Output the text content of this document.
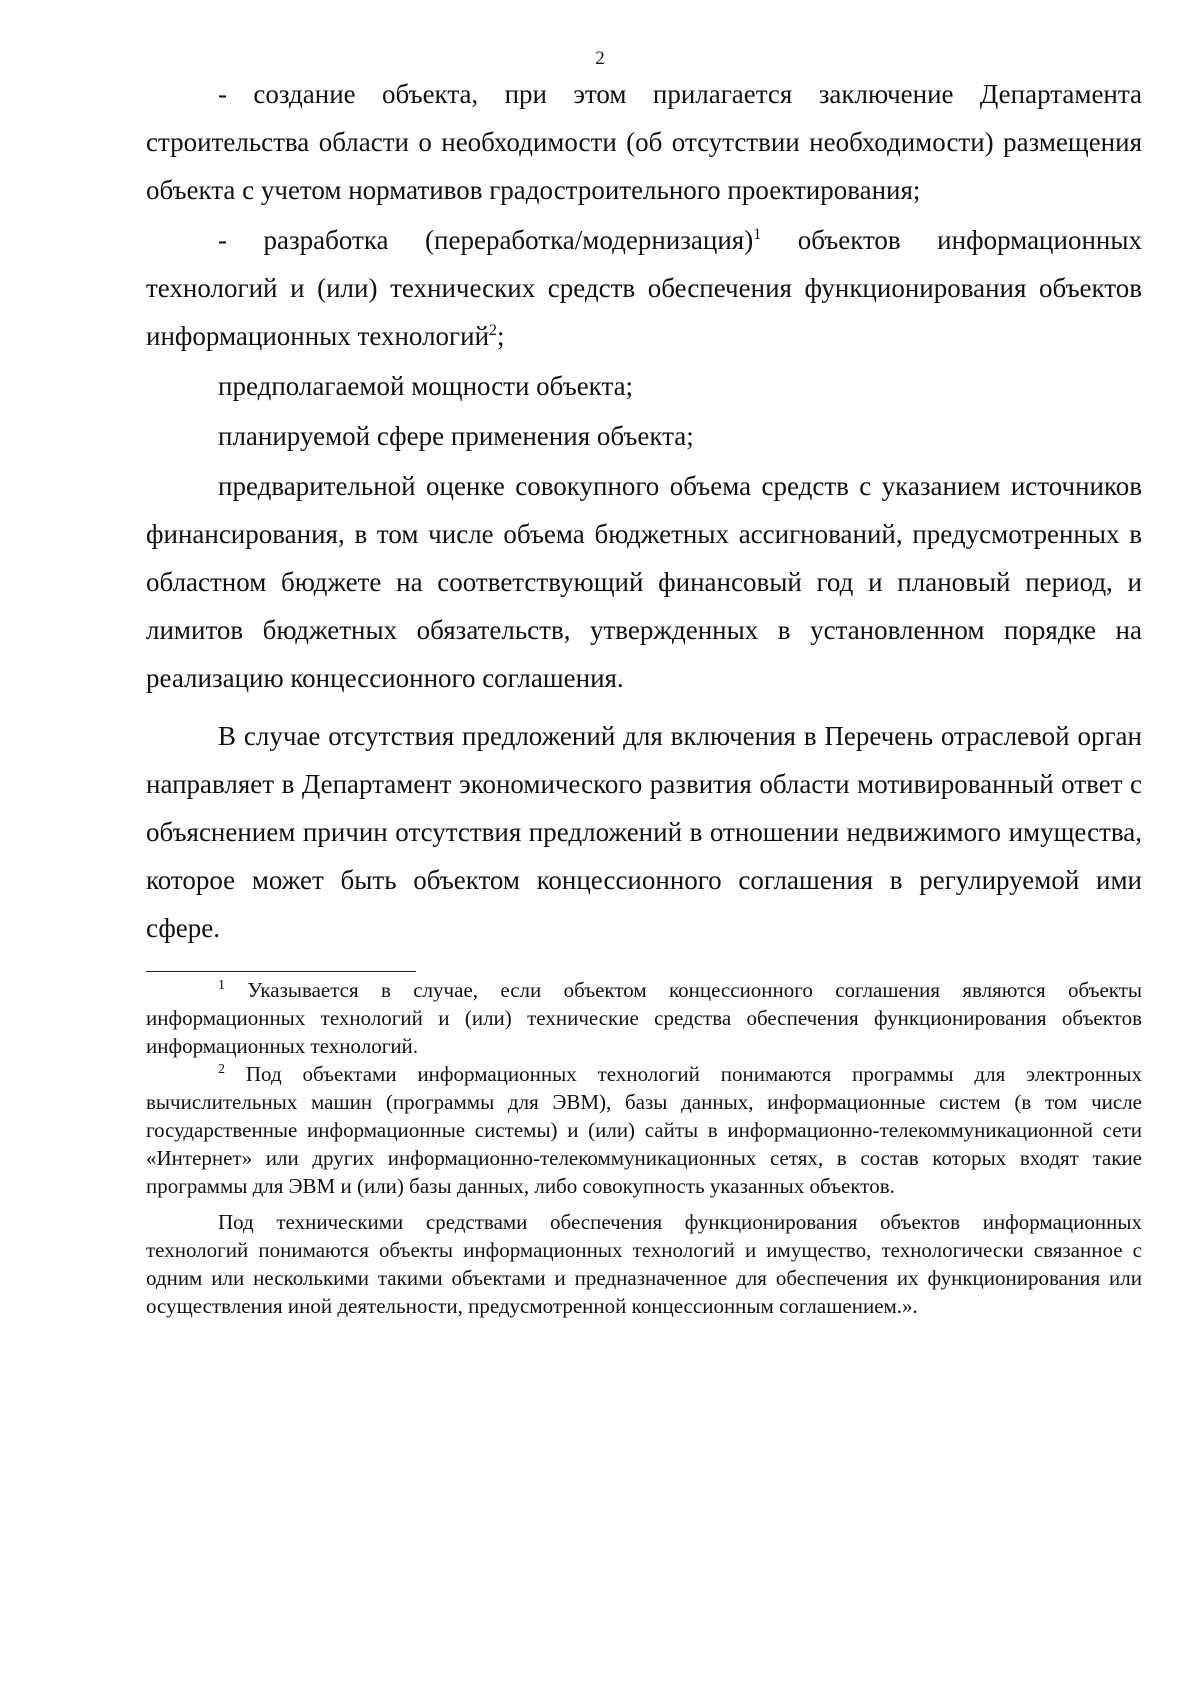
2

- создание объекта, при этом прилагается заключение Департамента строительства области о необходимости (об отсутствии необходимости) размещения объекта с учетом нормативов градостроительного проектирования;

- разработка (переработка/модернизация)$^1$ объектов информационных технологий и (или) технических средств обеспечения функционирования объектов информационных технологий$^2$;

предполагаемой мощности объекта;

планируемой сфере применения объекта;

предварительной оценке совокупного объема средств с указанием источников финансирования, в том числе объема бюджетных ассигнований, предусмотренных в областном бюджете на соответствующий финансовый год и плановый период, и лимитов бюджетных обязательств, утвержденных в установленном порядке на реализацию концессионного соглашения.

В случае отсутствия предложений для включения в Перечень отраслевой орган направляет в Департамент экономического развития области мотивированный ответ с объяснением причин отсутствия предложений в отношении недвижимого имущества, которое может быть объектом концессионного соглашения в регулируемой ими сфере.

$^1$ Указывается в случае, если объектом концессионного соглашения являются объекты информационных технологий и (или) технические средства обеспечения функционирования объектов информационных технологий.

$^2$ Под объектами информационных технологий понимаются программы для электронных вычислительных машин (программы для ЭВМ), базы данных, информационные систем (в том числе государственные информационные системы) и (или) сайты в информационно-телекоммуникационной сети «Интернет» или других информационно-телекоммуникационных сетях, в состав которых входят такие программы для ЭВМ и (или) базы данных, либо совокупность указанных объектов.

Под техническими средствами обеспечения функционирования объектов информационных технологий понимаются объекты информационных технологий и имущество, технологически связанное с одним или несколькими такими объектами и предназначенное для обеспечения их функционирования или осуществления иной деятельности, предусмотренной концессионным соглашением.».
